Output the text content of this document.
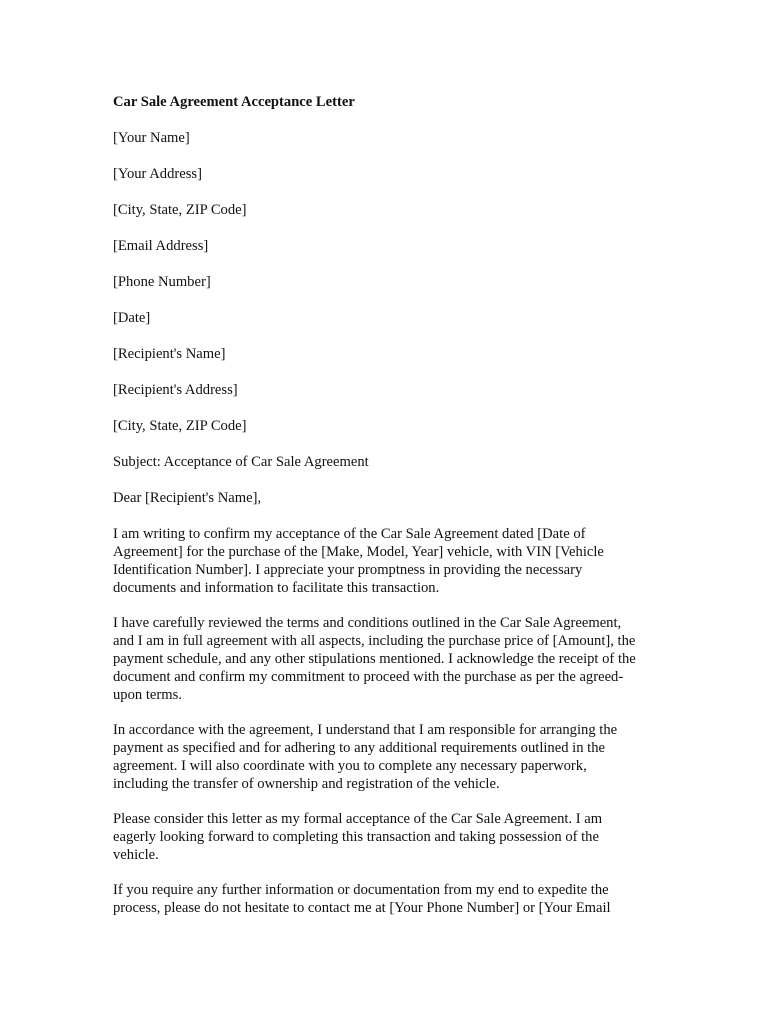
Car Sale Agreement Acceptance Letter
[Your Name]
[Your Address]
[City, State, ZIP Code]
[Email Address]
[Phone Number]
[Date]
[Recipient's Name]
[Recipient's Address]
[City, State, ZIP Code]
Subject: Acceptance of Car Sale Agreement
Dear [Recipient's Name],
I am writing to confirm my acceptance of the Car Sale Agreement dated [Date of
Agreement] for the purchase of the [Make, Model, Year] vehicle, with VIN [Vehicle
Identification Number]. I appreciate your promptness in providing the necessary
documents and information to facilitate this transaction.
I have carefully reviewed the terms and conditions outlined in the Car Sale Agreement,
and I am in full agreement with all aspects, including the purchase price of [Amount], the
payment schedule, and any other stipulations mentioned. I acknowledge the receipt of the
document and confirm my commitment to proceed with the purchase as per the agreed-
upon terms.
In accordance with the agreement, I understand that I am responsible for arranging the
payment as specified and for adhering to any additional requirements outlined in the
agreement. I will also coordinate with you to complete any necessary paperwork,
including the transfer of ownership and registration of the vehicle.
Please consider this letter as my formal acceptance of the Car Sale Agreement. I am
eagerly looking forward to completing this transaction and taking possession of the
vehicle.
If you require any further information or documentation from my end to expedite the
process, please do not hesitate to contact me at [Your Phone Number] or [Your Email
